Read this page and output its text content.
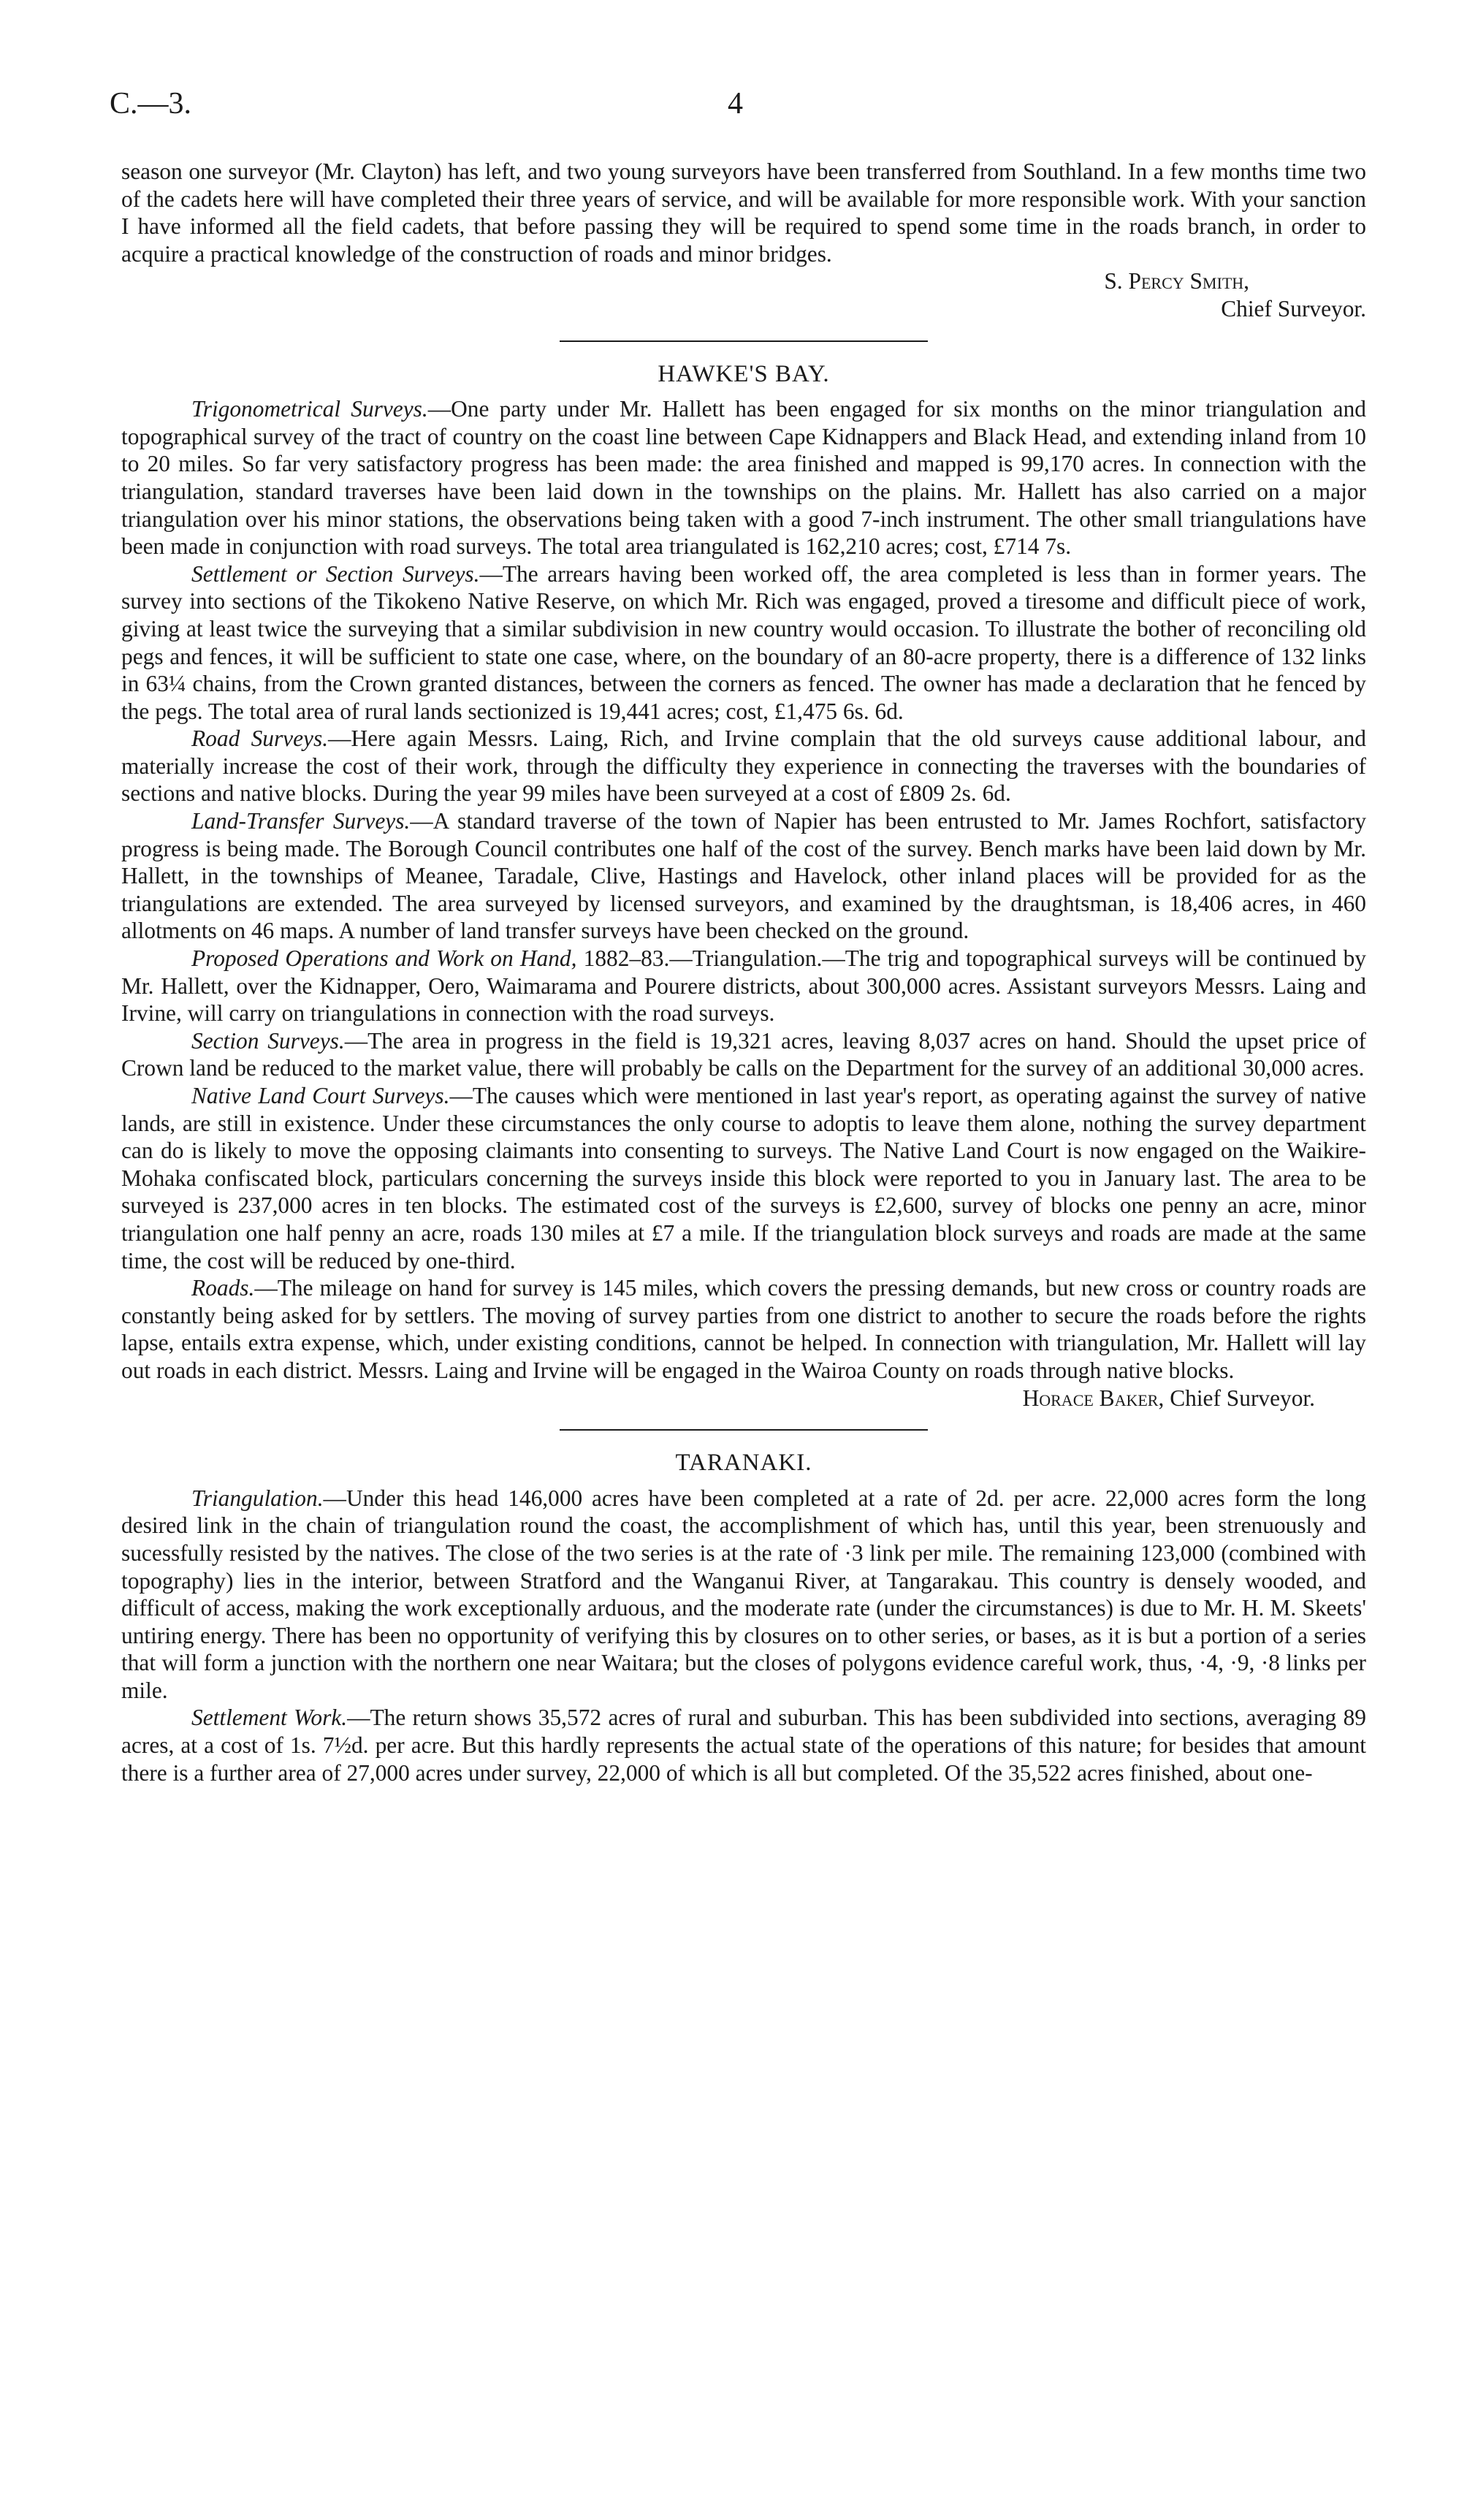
C.—3.	4

season one surveyor (Mr. Clayton) has left, and two young surveyors have been transferred from Southland. In a few months time two of the cadets here will have completed their three years of service, and will be available for more responsible work. With your sanction I have informed all the field cadets, that before passing they will be required to spend some time in the roads branch, in order to acquire a practical knowledge of the construction of roads and minor bridges.

S. Percy Smith,

Chief Surveyor.

HAWKE'S BAY.

Trigonometrical Surveys.—One party under Mr. Hallett has been engaged for six months on the minor triangulation and topographical survey of the tract of country on the coast line between Cape Kidnappers and Black Head, and extending inland from 10 to 20 miles. So far very satisfactory progress has been made: the area finished and mapped is 99,170 acres. In connection with the triangulation, standard traverses have been laid down in the townships on the plains. Mr. Hallett has also carried on a major triangulation over his minor stations, the observations being taken with a good 7-inch instrument. The other small triangulations have been made in conjunction with road surveys. The total area triangulated is 162,210 acres; cost, £714 7s.

Settlement or Section Surveys.—The arrears having been worked off, the area completed is less than in former years. The survey into sections of the Tikokeno Native Reserve, on which Mr. Rich was engaged, proved a tiresome and difficult piece of work, giving at least twice the surveying that a similar subdivision in new country would occasion. To illustrate the bother of reconciling old pegs and fences, it will be sufficient to state one case, where, on the boundary of an 80-acre property, there is a difference of 132 links in 63¼ chains, from the Crown granted distances, between the corners as fenced. The owner has made a declaration that he fenced by the pegs. The total area of rural lands sectionized is 19,441 acres; cost, £1,475 6s. 6d.

Road Surveys.—Here again Messrs. Laing, Rich, and Irvine complain that the old surveys cause additional labour, and materially increase the cost of their work, through the difficulty they experience in connecting the traverses with the boundaries of sections and native blocks. During the year 99 miles have been surveyed at a cost of £809 2s. 6d.

Land-Transfer Surveys.—A standard traverse of the town of Napier has been entrusted to Mr. James Rochfort, satisfactory progress is being made. The Borough Council contributes one half of the cost of the survey. Bench marks have been laid down by Mr. Hallett, in the townships of Meanee, Taradale, Clive, Hastings and Havelock, other inland places will be provided for as the triangulations are extended. The area surveyed by licensed surveyors, and examined by the draughtsman, is 18,406 acres, in 460 allotments on 46 maps. A number of land transfer surveys have been checked on the ground.

Proposed Operations and Work on Hand, 1882–83.—Triangulation.—The trig and topographical surveys will be continued by Mr. Hallett, over the Kidnapper, Oero, Waimarama and Pourere districts, about 300,000 acres. Assistant surveyors Messrs. Laing and Irvine, will carry on triangulations in connection with the road surveys.

Section Surveys.—The area in progress in the field is 19,321 acres, leaving 8,037 acres on hand. Should the upset price of Crown land be reduced to the market value, there will probably be calls on the Department for the survey of an additional 30,000 acres.

Native Land Court Surveys.—The causes which were mentioned in last year's report, as operating against the survey of native lands, are still in existence. Under these circumstances the only course to adoptis to leave them alone, nothing the survey department can do is likely to move the opposing claimants into consenting to surveys. The Native Land Court is now engaged on the Waikire-Mohaka confiscated block, particulars concerning the surveys inside this block were reported to you in January last. The area to be surveyed is 237,000 acres in ten blocks. The estimated cost of the surveys is £2,600, survey of blocks one penny an acre, minor triangulation one half penny an acre, roads 130 miles at £7 a mile. If the triangulation block surveys and roads are made at the same time, the cost will be reduced by one-third.

Roads.—The mileage on hand for survey is 145 miles, which covers the pressing demands, but new cross or country roads are constantly being asked for by settlers. The moving of survey parties from one district to another to secure the roads before the rights lapse, entails extra expense, which, under existing conditions, cannot be helped. In connection with triangulation, Mr. Hallett will lay out roads in each district. Messrs. Laing and Irvine will be engaged in the Wairoa County on roads through native blocks.

Horace Baker, Chief Surveyor.

TARANAKI.

Triangulation.—Under this head 146,000 acres have been completed at a rate of 2d. per acre. 22,000 acres form the long desired link in the chain of triangulation round the coast, the accomplishment of which has, until this year, been strenuously and sucessfully resisted by the natives. The close of the two series is at the rate of ·3 link per mile. The remaining 123,000 (combined with topography) lies in the interior, between Stratford and the Wanganui River, at Tangarakau. This country is densely wooded, and difficult of access, making the work exceptionally arduous, and the moderate rate (under the circumstances) is due to Mr. H. M. Skeets' untiring energy. There has been no opportunity of verifying this by closures on to other series, or bases, as it is but a portion of a series that will form a junction with the northern one near Waitara; but the closes of polygons evidence careful work, thus, ·4, ·9, ·8 links per mile.

Settlement Work.—The return shows 35,572 acres of rural and suburban. This has been subdivided into sections, averaging 89 acres, at a cost of 1s. 7½d. per acre. But this hardly represents the actual state of the operations of this nature; for besides that amount there is a further area of 27,000 acres under survey, 22,000 of which is all but completed. Of the 35,522 acres finished, about one-
